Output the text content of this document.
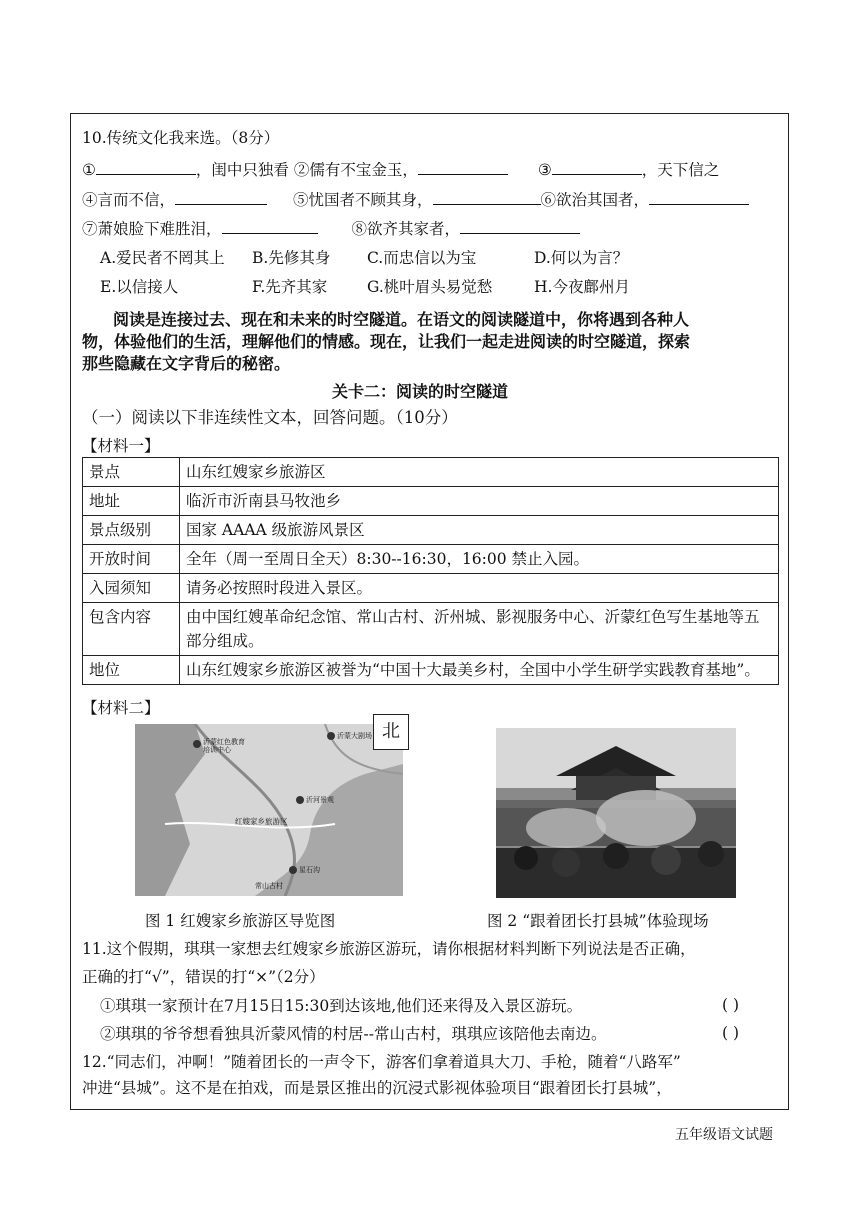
10.传统文化我来选。（8分）
①	，闺中只独看 ②儒有不宝金玉，	③	，天下信之
④言而不信，	⑤忧国者不顾其身，	⑥欲治其国者，
⑦萧娘脸下难胜泪，	⑧欲齐其家者，
A.爱民者不罔其上 B.先修其身 C.而忠信以为宝	D.何以为言？
E.以信接人	F.先齐其家	G.桃叶眉头易觉愁	H.今夜鄜州月
阅读是连接过去、现在和未来的时空隧道。在语文的阅读隧道中，你将遇到各种人
物，体验他们的生活，理解他们的情感。现在，让我们一起走进阅读的时空隧道，探索
那些隐藏在文字背后的秘密。
关卡二：阅读的时空隧道
（一）阅读以下非连续性文本，回答问题。（10分）
【材料一】
景点	山东红嫂家乡旅游区
地址	临沂市沂南县马牧池乡
景点级别	国家 AAAA 级旅游风景区
开放时间	全年（周一至周日全天）8:30--16:30，16:00 禁止入园。
入园须知	请务必按照时段进入景区。
包含内容	由中国红嫂革命纪念馆、常山古村、沂州城、影视服务中心、沂蒙红色写生基地等五部分组成。
地位	山东红嫂家乡旅游区被誉为“中国十大最美乡村，全国中小学生研学实践教育基地”。
【材料二】
沂蒙红色教育
培训中心
沂蒙大剧场
红嫂家乡旅游区
沂河景观
常山古村
星石沟
北
图 1 红嫂家乡旅游区导览图	图 2 “跟着团长打县城”体验现场
11.这个假期，琪琪一家想去红嫂家乡旅游区游玩，请你根据材料判断下列说法是否正确，
正确的打“√”，错误的打“×”（2分）
①琪琪一家预计在7月15日15:30到达该地,他们还来得及入景区游玩。	( )
②琪琪的爷爷想看独具沂蒙风情的村居--常山古村，琪琪应该陪他去南边。	( )
12.“同志们，冲啊！”随着团长的一声令下，游客们拿着道具大刀、手枪，随着“八路军”
冲进“县城”。这不是在拍戏，而是景区推出的沉浸式影视体验项目“跟着团长打县城”，
五年级语文试题
